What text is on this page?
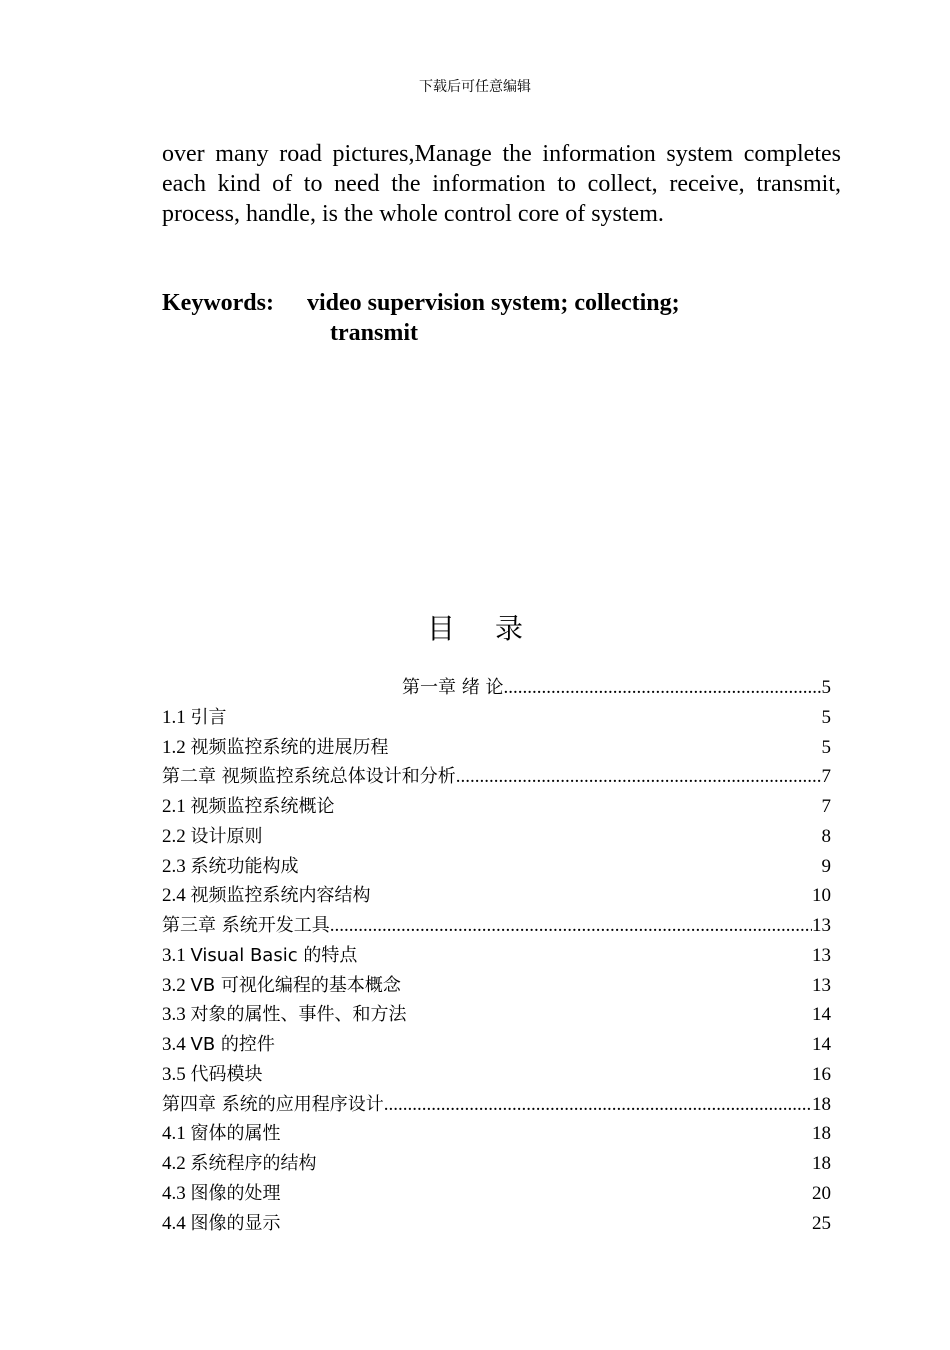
下载后可任意编辑

over many road pictures,Manage the information system completes each kind of to need the information to collect, receive, transmit, process, handle, is the whole control core of system.

Keywords: video supervision system; collecting;
transmit
目 录
第一章 绪 论 .....	5
1.1 引言	5
1.2 视频监控系统的进展历程	5
第二章 视频监控系统总体设计和分析 .....	7
2.1 视频监控系统概论	7
2.2 设计原则	8
2.3 系统功能构成	9
2.4 视频监控系统内容结构	10
第三章 系统开发工具 .....	13
3.1 Visual Basic 的特点	13
3.2 VB 可视化编程的基本概念	13
3.3 对象的属性、事件、和方法	14
3.4 VB 的控件	14
3.5 代码模块	16
第四章 系统的应用程序设计 .....	18
4.1 窗体的属性	18
4.2 系统程序的结构	18
4.3 图像的处理	20
4.4 图像的显示	25
